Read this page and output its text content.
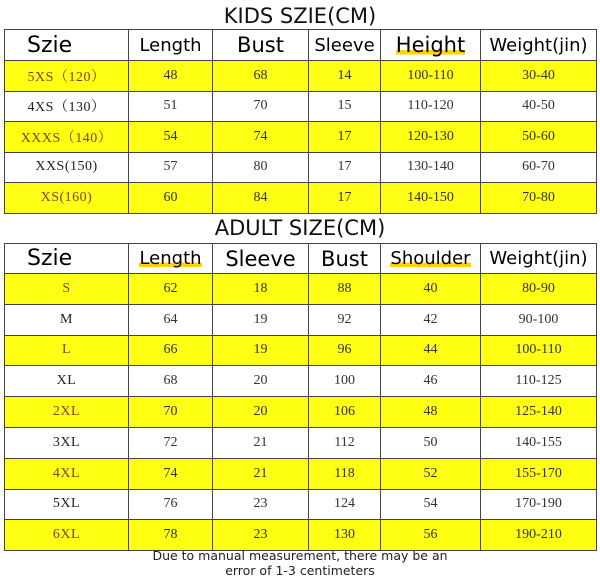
KIDS SZIE(CM)
Szie	Length	Bust	Sleeve	Height	Weight(jin)
5XS（120）	48	68	14	100-110	30-40
4XS（130）	51	70	15	110-120	40-50
XXXS（140）	54	74	17	120-130	50-60
XXS(150)	57	80	17	130-140	60-70
XS(160)	60	84	17	140-150	70-80
ADULT SIZE(CM)
Szie	Length	Sleeve	Bust	Shoulder	Weight(jin)
S	62	18	88	40	80-90
M	64	19	92	42	90-100
L	66	19	96	44	100-110
XL	68	20	100	46	110-125
2XL	70	20	106	48	125-140
3XL	72	21	112	50	140-155
4XL	74	21	118	52	155-170
5XL	76	23	124	54	170-190
6XL	78	23	130	56	190-210
Due to manual measurement, there may be an
error of 1-3 centimeters
